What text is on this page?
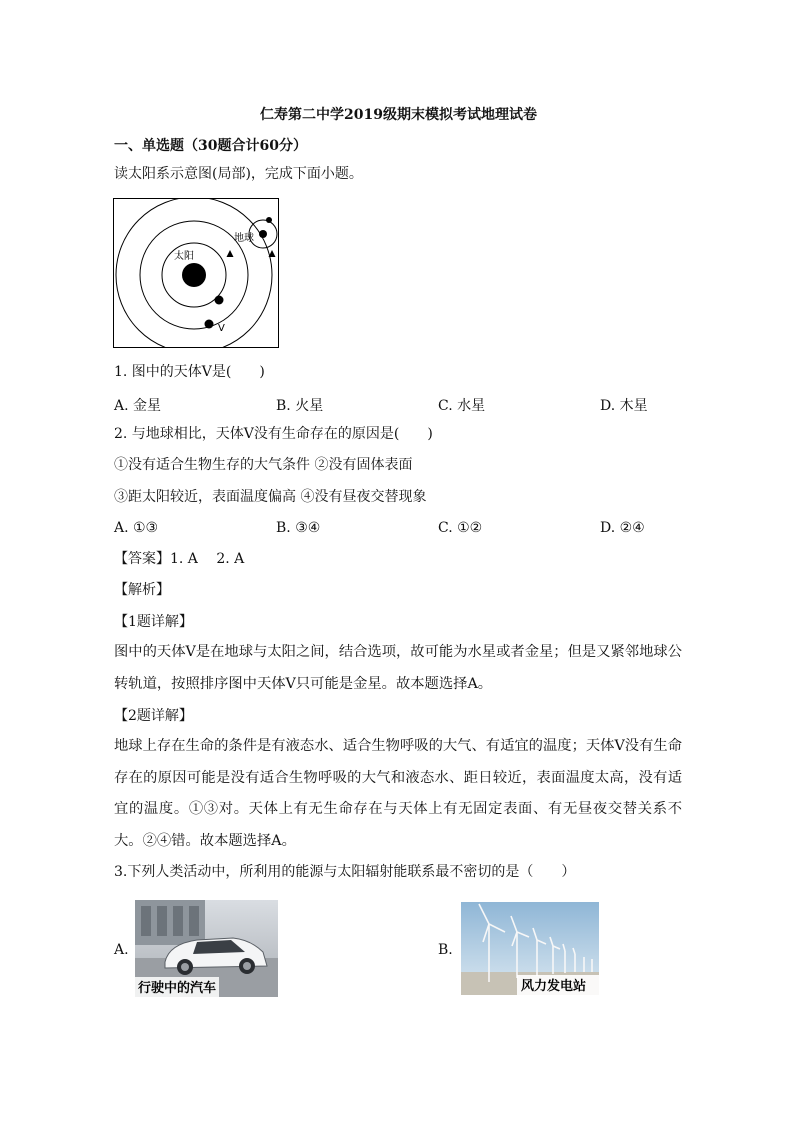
仁寿第二中学2019级期末模拟考试地理试卷
一、单选题（30题合计60分）
读太阳系示意图(局部)，完成下面小题。
太阳
地球
V
1. 图中的天体V是(　　)
A. 金星	B. 火星	C. 水星	D. 木星
2. 与地球相比，天体V没有生命存在的原因是(　　)
①没有适合生物生存的大气条件 ②没有固体表面
③距太阳较近，表面温度偏高 ④没有昼夜交替现象
A. ①③	B. ③④	C. ①②	D. ②④
【答案】1. A　 2. A
【解析】
【1题详解】
图中的天体V是在地球与太阳之间，结合选项，故可能为水星或者金星；但是又紧邻地球公转轨道，按照排序图中天体V只可能是金星。故本题选择A。
【2题详解】
地球上存在生命的条件是有液态水、适合生物呼吸的大气、有适宜的温度；天体V没有生命存在的原因可能是没有适合生物呼吸的大气和液态水、距日较近，表面温度太高，没有适宜的温度。①③对。天体上有无生命存在与天体上有无固定表面、有无昼夜交替关系不大。②④错。故本题选择A。
3.下列人类活动中，所利用的能源与太阳辐射能联系最不密切的是（　　）
A.
行驶中的汽车
B.
风力发电站
